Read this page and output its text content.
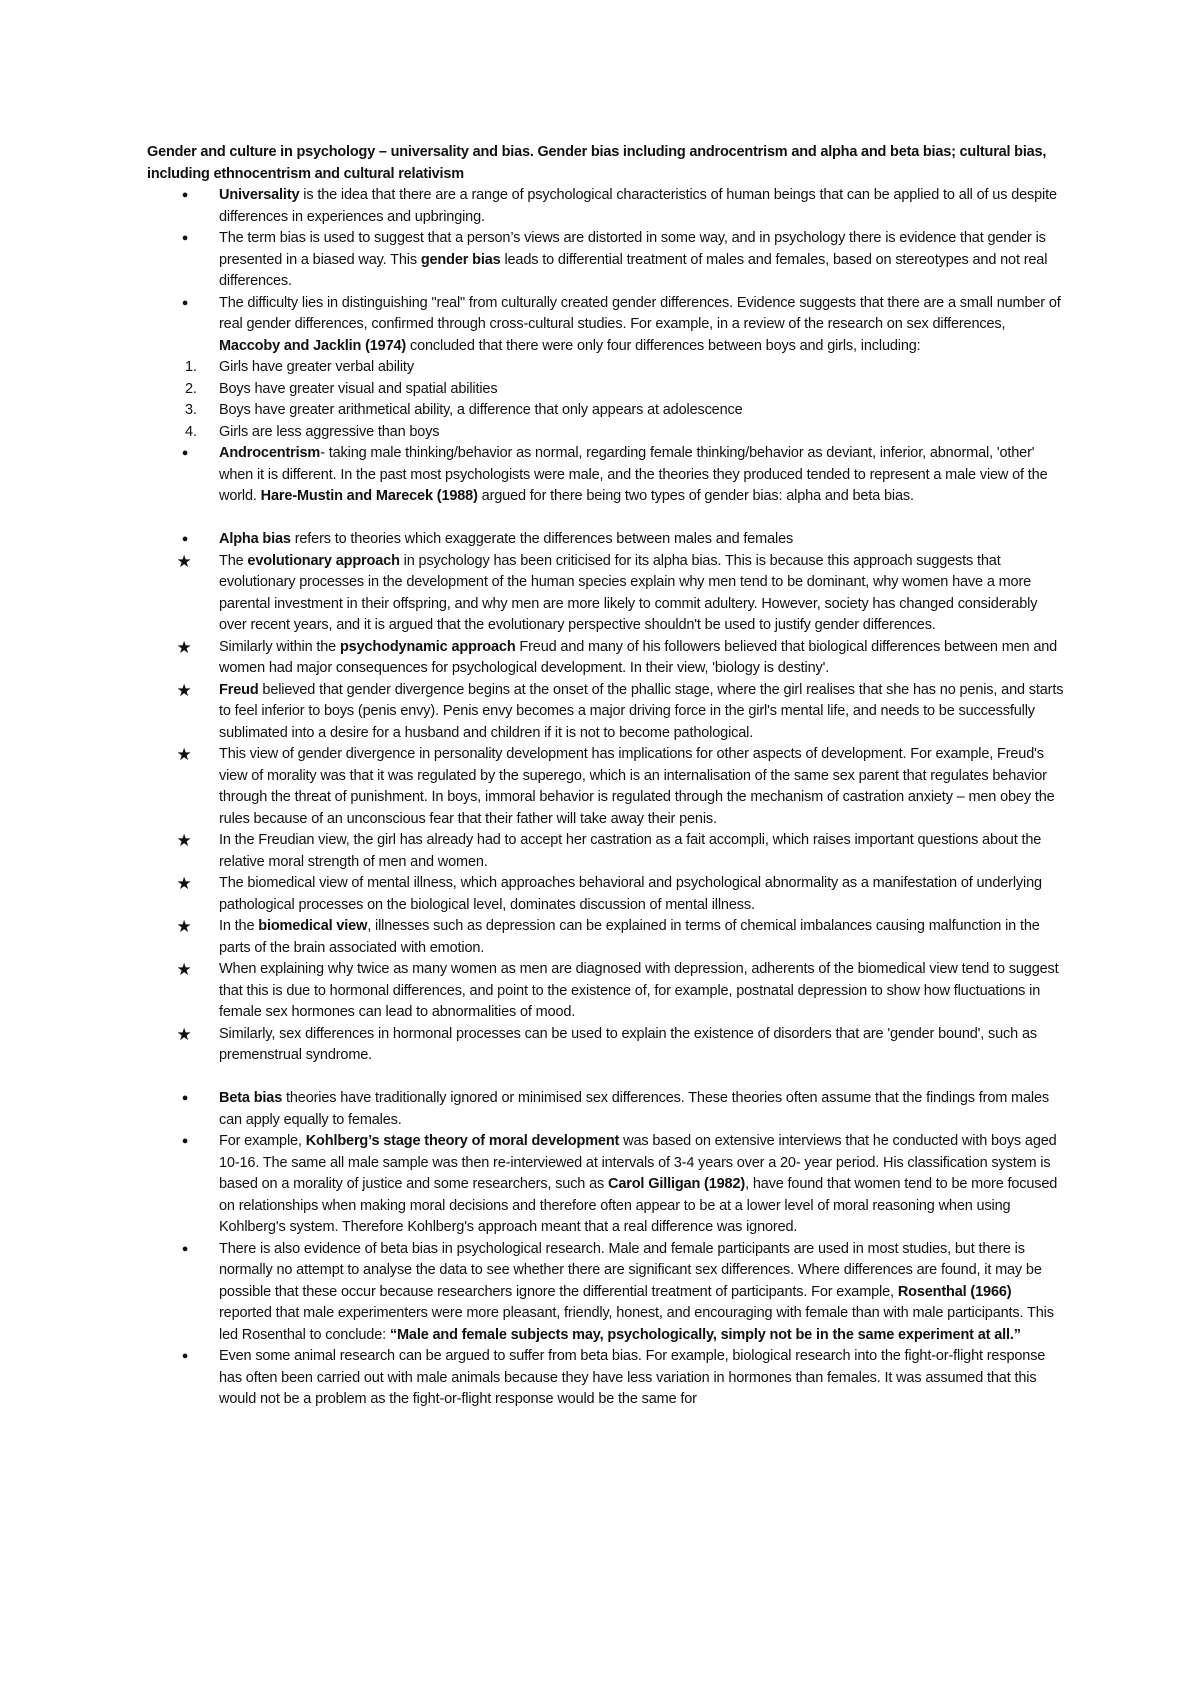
Gender and culture in psychology – universality and bias. Gender bias including androcentrism and alpha and beta bias; cultural bias, including ethnocentrism and cultural relativism
●	Universality is the idea that there are a range of psychological characteristics of human beings that can be applied to all of us despite differences in experiences and upbringing.
●	The term bias is used to suggest that a person’s views are distorted in some way, and in psychology there is evidence that gender is presented in a biased way. This gender bias leads to differential treatment of males and females, based on stereotypes and not real differences.
●	The difficulty lies in distinguishing "real" from culturally created gender differences. Evidence suggests that there are a small number of real gender differences, confirmed through cross-cultural studies. For example, in a review of the research on sex differences, Maccoby and Jacklin (1974) concluded that there were only four differences between boys and girls, including:
1. Girls have greater verbal ability
2. Boys have greater visual and spatial abilities
3. Boys have greater arithmetical ability, a difference that only appears at adolescence
4. Girls are less aggressive than boys
●	Androcentrism- taking male thinking/behavior as normal, regarding female thinking/behavior as deviant, inferior, abnormal, 'other' when it is different. In the past most psychologists were male, and the theories they produced tended to represent a male view of the world. Hare-Mustin and Marecek (1988) argued for there being two types of gender bias: alpha and beta bias.
●	Alpha bias refers to theories which exaggerate the differences between males and females
★ The evolutionary approach in psychology has been criticised for its alpha bias. This is because this approach suggests that evolutionary processes in the development of the human species explain why men tend to be dominant, why women have a more parental investment in their offspring, and why men are more likely to commit adultery. However, society has changed considerably over recent years, and it is argued that the evolutionary perspective shouldn't be used to justify gender differences.
★ Similarly within the psychodynamic approach Freud and many of his followers believed that biological differences between men and women had major consequences for psychological development. In their view, 'biology is destiny'.
★ Freud believed that gender divergence begins at the onset of the phallic stage, where the girl realises that she has no penis, and starts to feel inferior to boys (penis envy). Penis envy becomes a major driving force in the girl's mental life, and needs to be successfully sublimated into a desire for a husband and children if it is not to become pathological.
★ This view of gender divergence in personality development has implications for other aspects of development. For example, Freud's view of morality was that it was regulated by the superego, which is an internalisation of the same sex parent that regulates behavior through the threat of punishment. In boys, immoral behavior is regulated through the mechanism of castration anxiety – men obey the rules because of an unconscious fear that their father will take away their penis.
★ In the Freudian view, the girl has already had to accept her castration as a fait accompli, which raises important questions about the relative moral strength of men and women.
★ The biomedical view of mental illness, which approaches behavioral and psychological abnormality as a manifestation of underlying pathological processes on the biological level, dominates discussion of mental illness.
★ In the biomedical view, illnesses such as depression can be explained in terms of chemical imbalances causing malfunction in the parts of the brain associated with emotion.
★ When explaining why twice as many women as men are diagnosed with depression, adherents of the biomedical view tend to suggest that this is due to hormonal differences, and point to the existence of, for example, postnatal depression to show how fluctuations in female sex hormones can lead to abnormalities of mood.
★ Similarly, sex differences in hormonal processes can be used to explain the existence of disorders that are 'gender bound', such as premenstrual syndrome.
●	Beta bias theories have traditionally ignored or minimised sex differences. These theories often assume that the findings from males can apply equally to females.
●	For example, Kohlberg’s stage theory of moral development was based on extensive interviews that he conducted with boys aged 10-16. The same all male sample was then re-interviewed at intervals of 3-4 years over a 20- year period. His classification system is based on a morality of justice and some researchers, such as Carol Gilligan (1982), have found that women tend to be more focused on relationships when making moral decisions and therefore often appear to be at a lower level of moral reasoning when using Kohlberg's system. Therefore Kohlberg's approach meant that a real difference was ignored.
●	There is also evidence of beta bias in psychological research. Male and female participants are used in most studies, but there is normally no attempt to analyse the data to see whether there are significant sex differences. Where differences are found, it may be possible that these occur because researchers ignore the differential treatment of participants. For example, Rosenthal (1966) reported that male experimenters were more pleasant, friendly, honest, and encouraging with female than with male participants. This led Rosenthal to conclude: “Male and female subjects may, psychologically, simply not be in the same experiment at all.”
●	Even some animal research can be argued to suffer from beta bias. For example, biological research into the fight-or-flight response has often been carried out with male animals because they have less variation in hormones than females. It was assumed that this would not be a problem as the fight-or-flight response would be the same for
